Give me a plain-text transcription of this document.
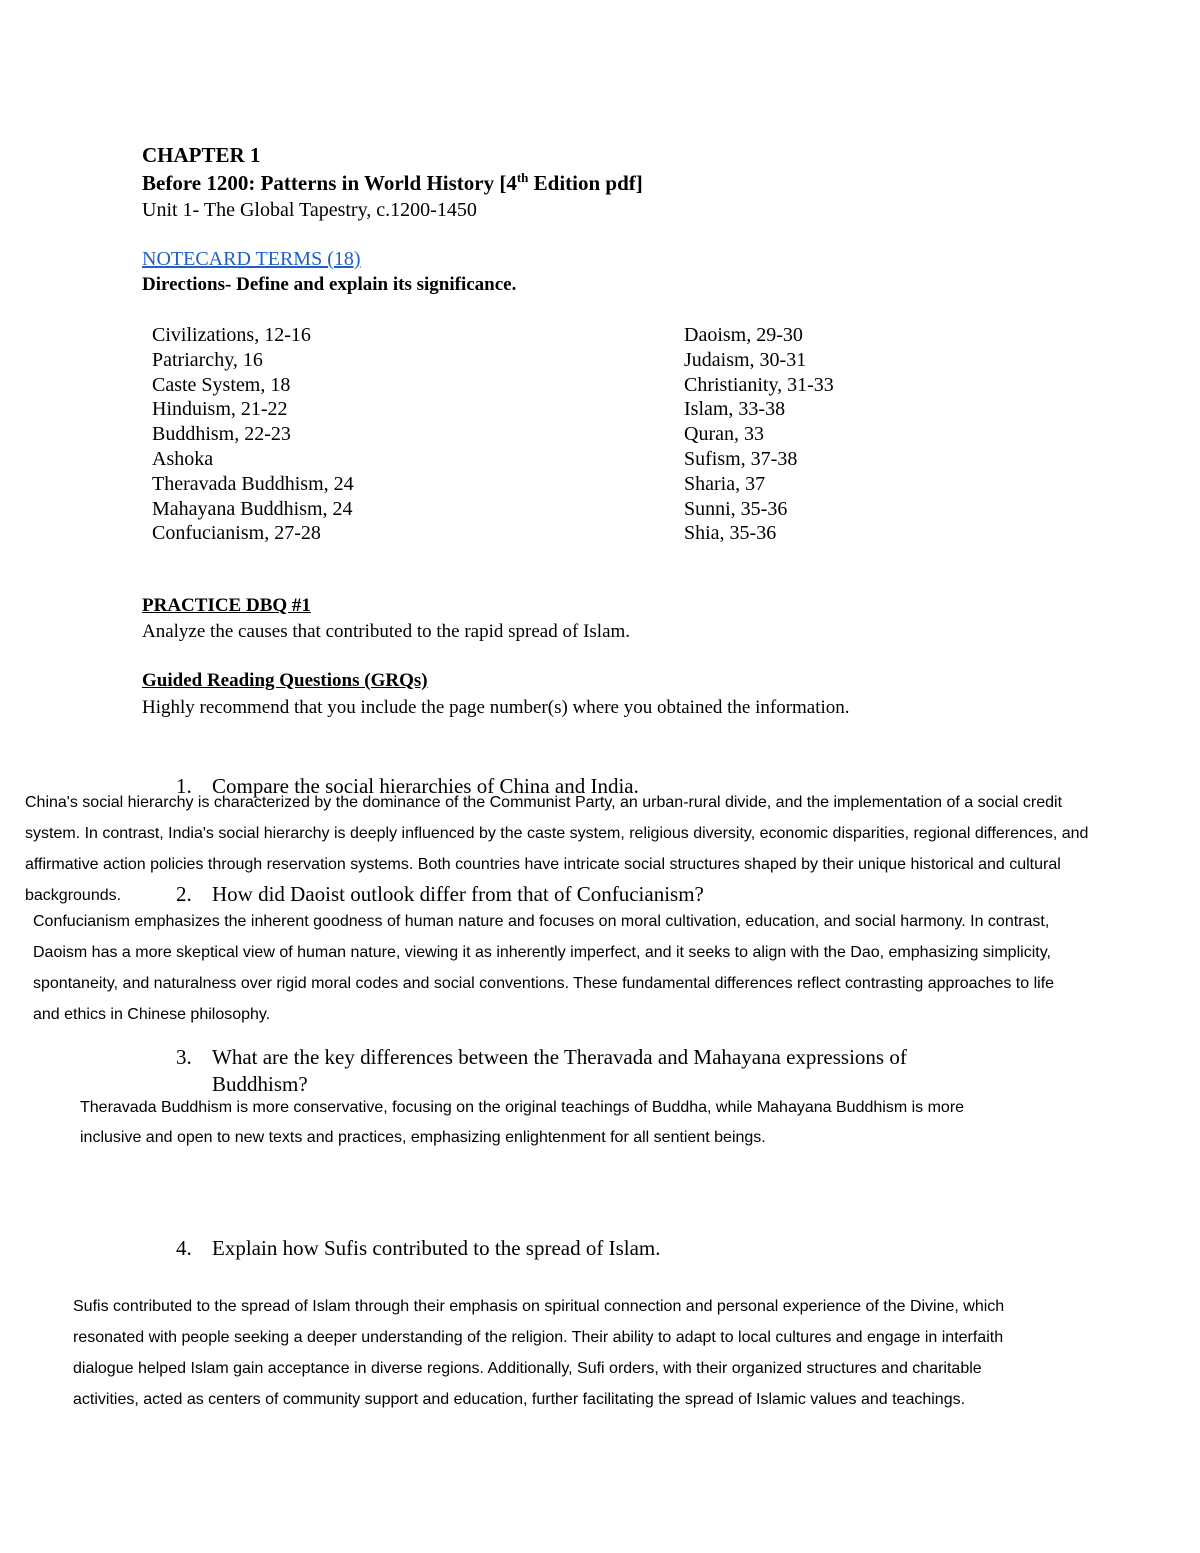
CHAPTER 1
Before 1200: Patterns in World History [4th Edition pdf]
Unit 1- The Global Tapestry, c.1200-1450
NOTECARD TERMS (18)
Directions- Define and explain its significance.
Civilizations, 12-16
Patriarchy, 16
Caste System, 18
Hinduism, 21-22
Buddhism, 22-23
Ashoka
Theravada Buddhism, 24
Mahayana Buddhism, 24
Confucianism, 27-28
Daoism, 29-30
Judaism, 30-31
Christianity, 31-33
Islam, 33-38
Quran, 33
Sufism, 37-38
Sharia, 37
Sunni, 35-36
Shia, 35-36
PRACTICE DBQ #1
Analyze the causes that contributed to the rapid spread of Islam.
Guided Reading Questions (GRQs)
Highly recommend that you include the page number(s) where you obtained the information.
1. Compare the social hierarchies of China and India.
China's social hierarchy is characterized by the dominance of the Communist Party, an urban-rural divide, and the implementation of a social credit
system. In contrast, India's social hierarchy is deeply influenced by the caste system, religious diversity, economic disparities, regional differences, and
affirmative action policies through reservation systems. Both countries have intricate social structures shaped by their unique historical and cultural
backgrounds.	2. How did Daoist outlook differ from that of Confucianism?
Confucianism emphasizes the inherent goodness of human nature and focuses on moral cultivation, education, and social harmony. In contrast,
Daoism has a more skeptical view of human nature, viewing it as inherently imperfect, and it seeks to align with the Dao, emphasizing simplicity,
spontaneity, and naturalness over rigid moral codes and social conventions. These fundamental differences reflect contrasting approaches to life
and ethics in Chinese philosophy.
3. What are the key differences between the Theravada and Mahayana expressions of
Buddhism?
Theravada Buddhism is more conservative, focusing on the original teachings of Buddha, while Mahayana Buddhism is more
inclusive and open to new texts and practices, emphasizing enlightenment for all sentient beings.
4. Explain how Sufis contributed to the spread of Islam.
Sufis contributed to the spread of Islam through their emphasis on spiritual connection and personal experience of the Divine, which
resonated with people seeking a deeper understanding of the religion. Their ability to adapt to local cultures and engage in interfaith
dialogue helped Islam gain acceptance in diverse regions. Additionally, Sufi orders, with their organized structures and charitable
activities, acted as centers of community support and education, further facilitating the spread of Islamic values and teachings.
